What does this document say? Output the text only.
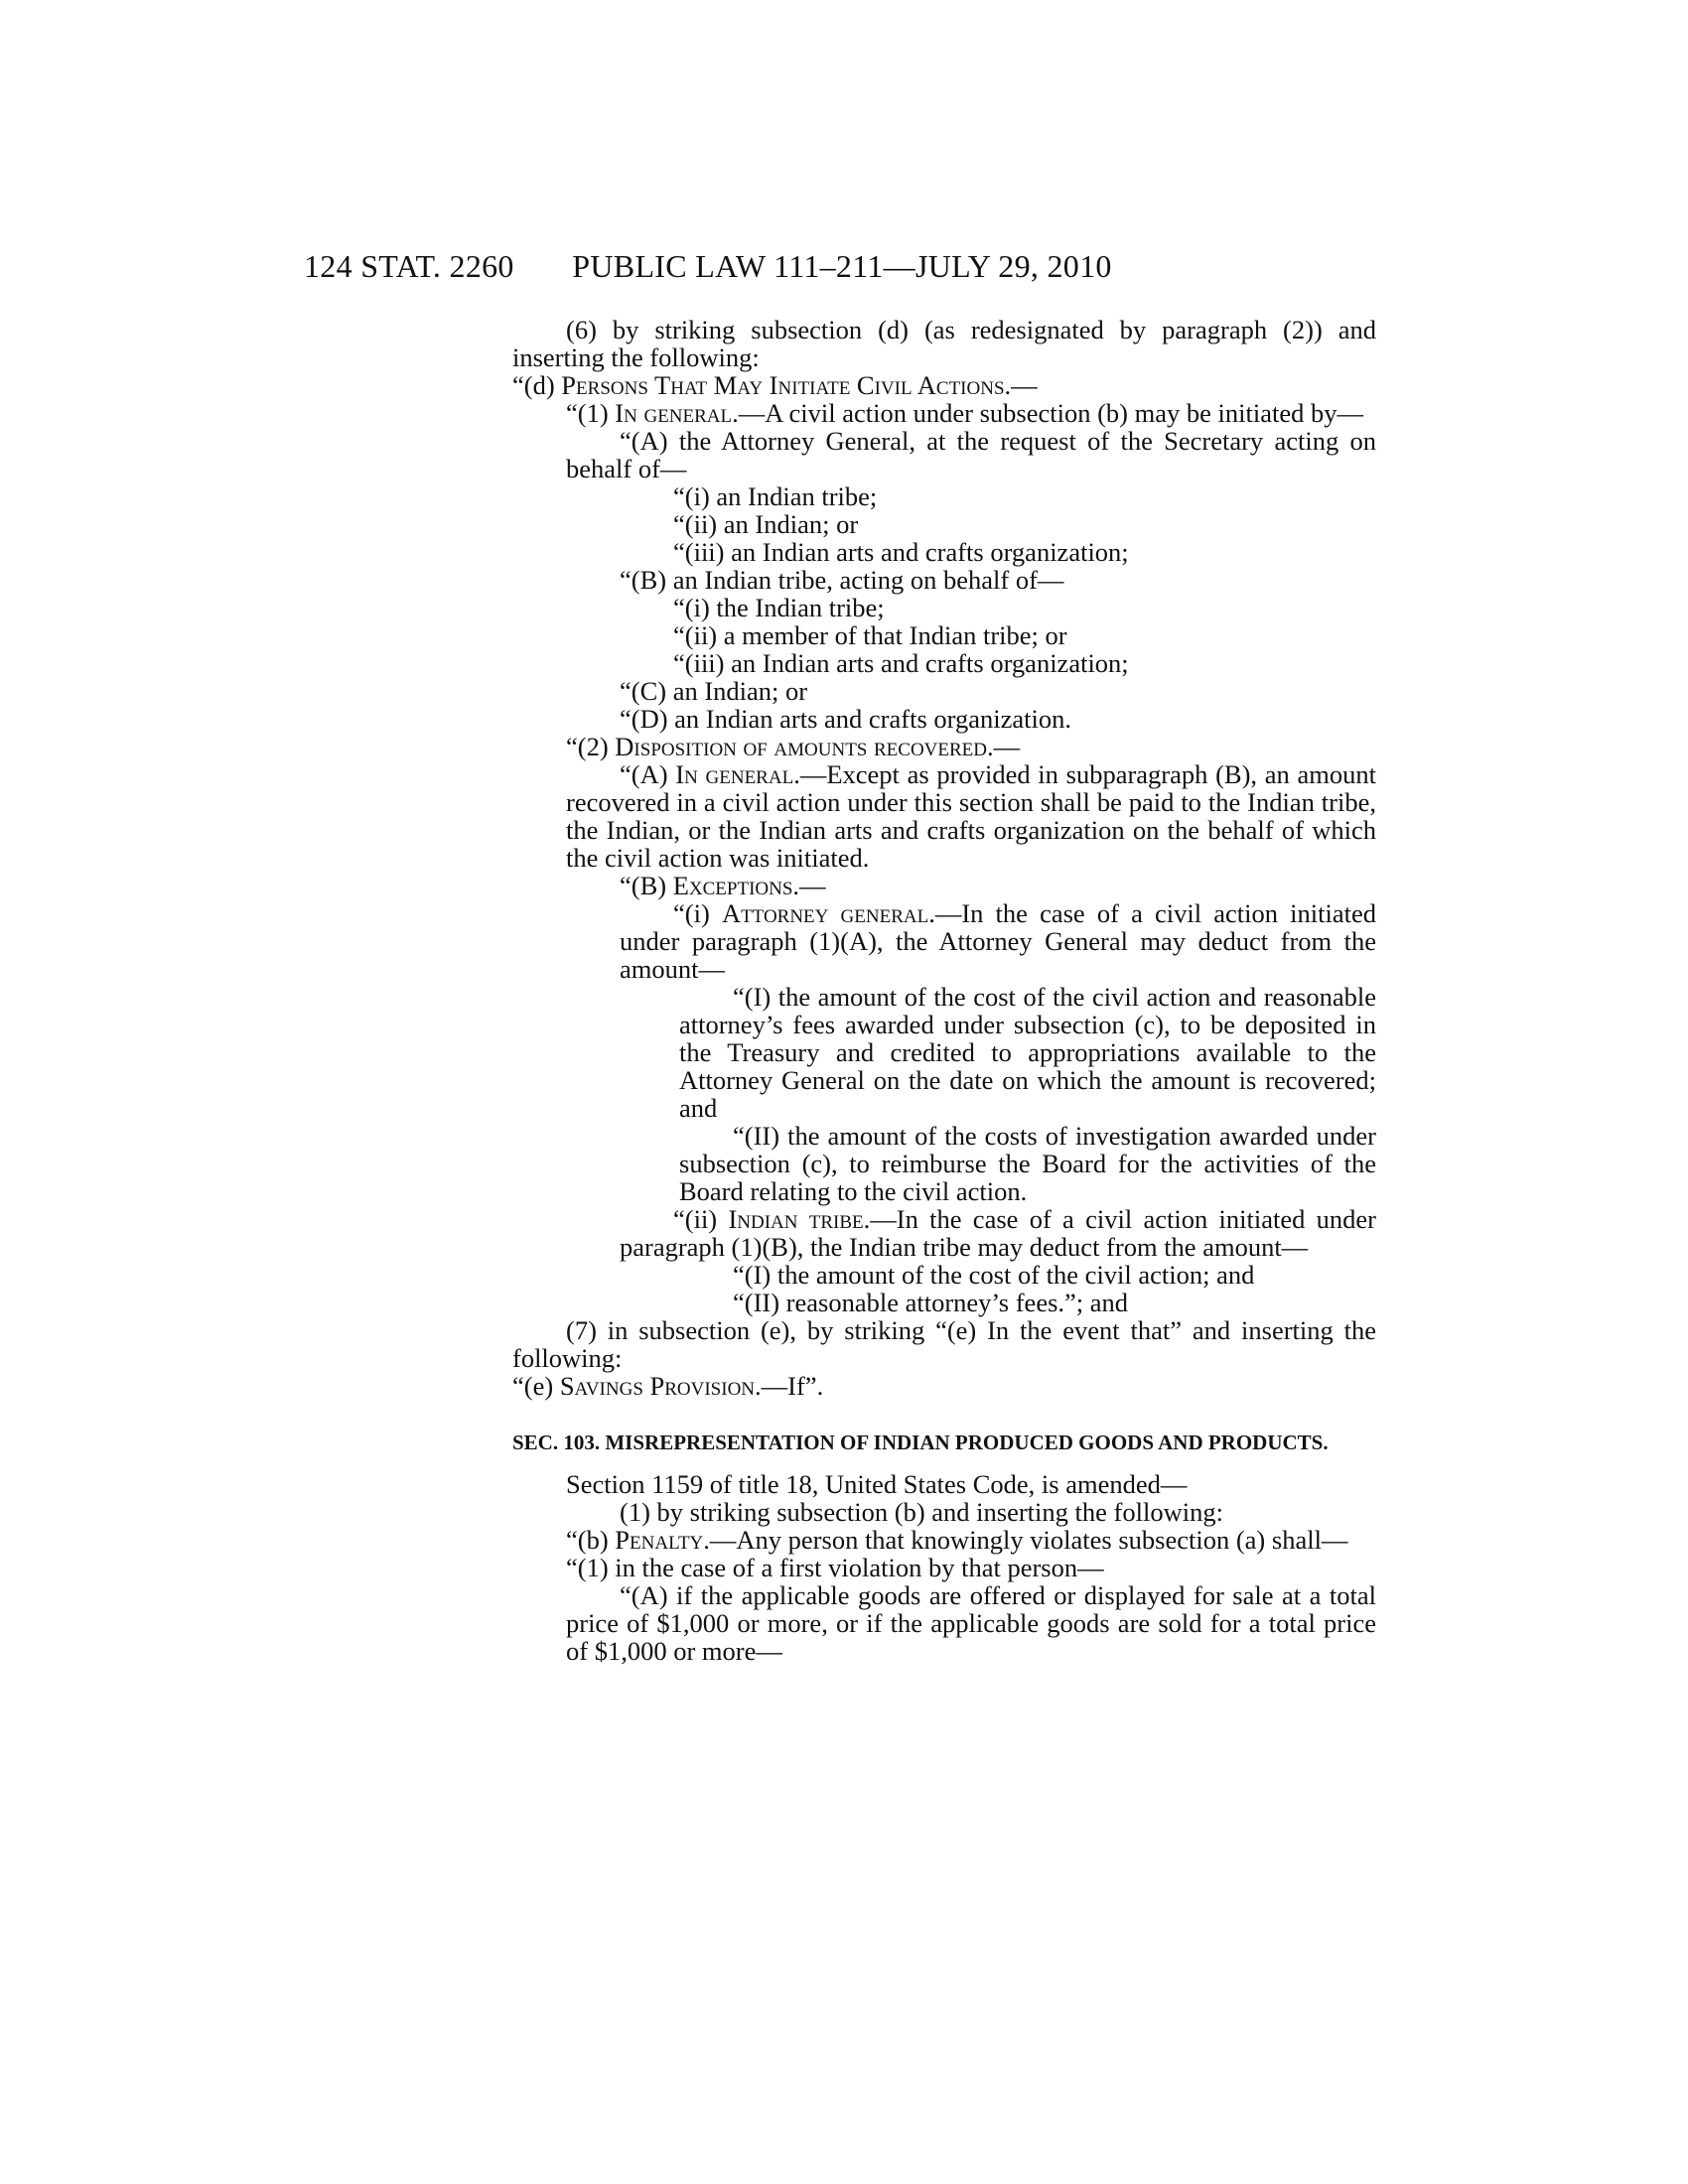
124 STAT. 2260	PUBLIC LAW 111–211—JULY 29, 2010

(6) by striking subsection (d) (as redesignated by paragraph (2)) and inserting the following:

“(d) Persons That May Initiate Civil Actions.—

“(1) In general.—A civil action under subsection (b) may be initiated by—

“(A) the Attorney General, at the request of the Secretary acting on behalf of—

“(i) an Indian tribe;

“(ii) an Indian; or

“(iii) an Indian arts and crafts organization;

“(B) an Indian tribe, acting on behalf of—

“(i) the Indian tribe;

“(ii) a member of that Indian tribe; or

“(iii) an Indian arts and crafts organization;

“(C) an Indian; or

“(D) an Indian arts and crafts organization.

“(2) Disposition of amounts recovered.—

“(A) In general.—Except as provided in subparagraph (B), an amount recovered in a civil action under this section shall be paid to the Indian tribe, the Indian, or the Indian arts and crafts organization on the behalf of which the civil action was initiated.

“(B) Exceptions.—

“(i) Attorney general.—In the case of a civil action initiated under paragraph (1)(A), the Attorney General may deduct from the amount—

“(I) the amount of the cost of the civil action and reasonable attorney’s fees awarded under subsection (c), to be deposited in the Treasury and credited to appropriations available to the Attorney General on the date on which the amount is recovered; and

“(II) the amount of the costs of investigation awarded under subsection (c), to reimburse the Board for the activities of the Board relating to the civil action.

“(ii) Indian tribe.—In the case of a civil action initiated under paragraph (1)(B), the Indian tribe may deduct from the amount—

“(I) the amount of the cost of the civil action; and

“(II) reasonable attorney’s fees.”; and

(7) in subsection (e), by striking “(e) In the event that” and inserting the following:

“(e) Savings Provision.—If”.

SEC. 103. MISREPRESENTATION OF INDIAN PRODUCED GOODS AND PRODUCTS.

Section 1159 of title 18, United States Code, is amended—

(1) by striking subsection (b) and inserting the following:

“(b) Penalty.—Any person that knowingly violates subsection (a) shall—

“(1) in the case of a first violation by that person—

“(A) if the applicable goods are offered or displayed for sale at a total price of $1,000 or more, or if the applicable goods are sold for a total price of $1,000 or more—
